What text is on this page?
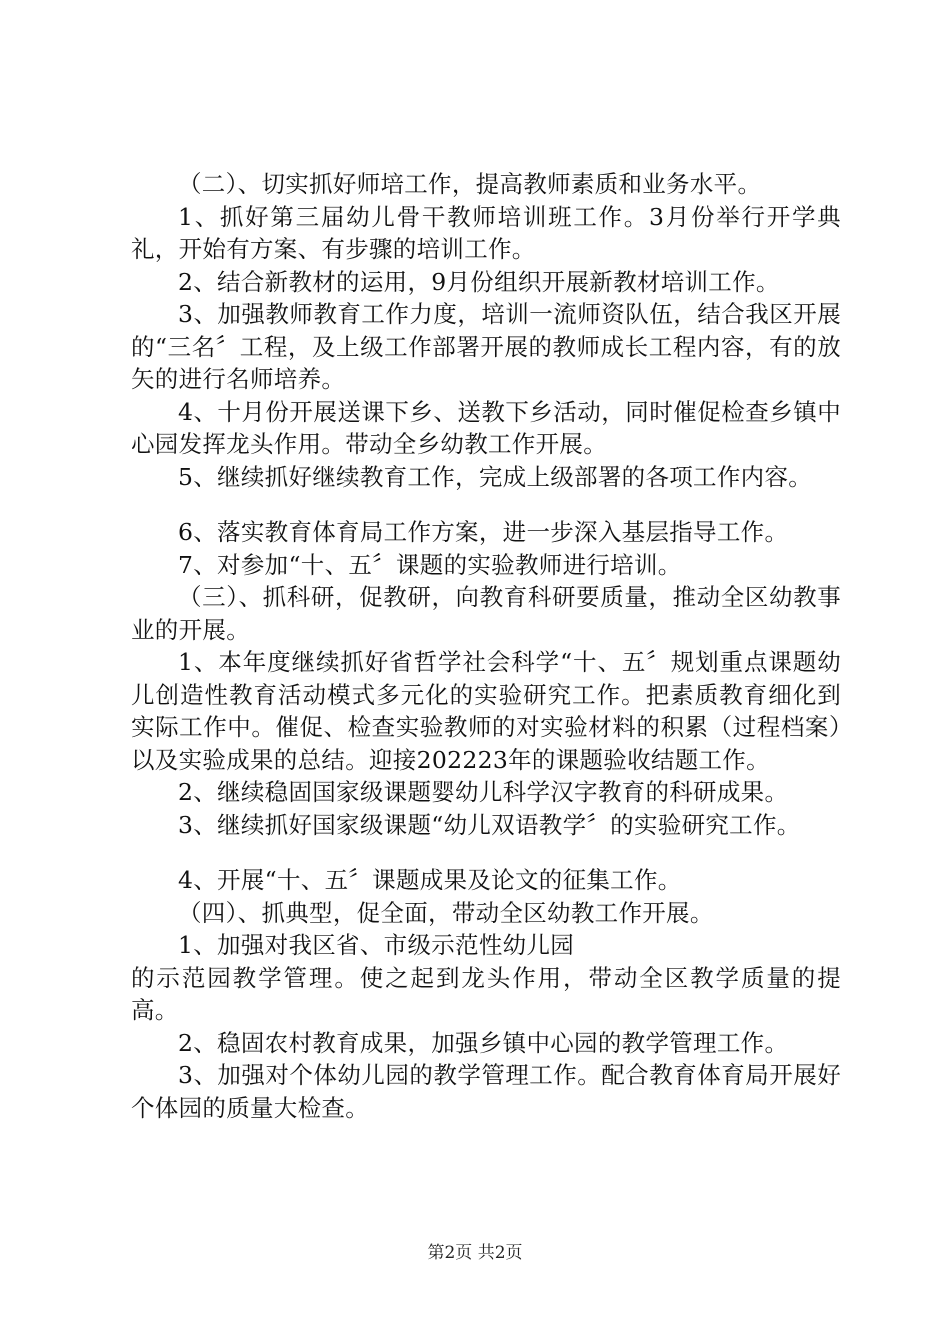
（二）、切实抓好师培工作，提高教师素质和业务水平。

1、抓好第三届幼儿骨干教师培训班工作。3月份举行开学典礼，开始有方案、有步骤的培训工作。

2、结合新教材的运用，9月份组织开展新教材培训工作。

3、加强教师教育工作力度，培训一流师资队伍，结合我区开展的“三名〞工程，及上级工作部署开展的教师成长工程内容，有的放矢的进行名师培养。

4、十月份开展送课下乡、送教下乡活动，同时催促检查乡镇中心园发挥龙头作用。带动全乡幼教工作开展。

5、继续抓好继续教育工作，完成上级部署的各项工作内容。

6、落实教育体育局工作方案，进一步深入基层指导工作。

7、对参加“十、五〞课题的实验教师进行培训。

（三）、抓科研，促教研，向教育科研要质量，推动全区幼教事业的开展。

1、本年度继续抓好省哲学社会科学“十、五〞规划重点课题幼儿创造性教育活动模式多元化的实验研究工作。把素质教育细化到实际工作中。催促、检查实验教师的对实验材料的积累（过程档案）以及实验成果的总结。迎接202223年的课题验收结题工作。

2、继续稳固国家级课题婴幼儿科学汉字教育的科研成果。

3、继续抓好国家级课题“幼儿双语教学〞的实验研究工作。

4、开展“十、五〞课题成果及论文的征集工作。

（四）、抓典型，促全面，带动全区幼教工作开展。

1、加强对我区省、市级示范性幼儿园

的示范园教学管理。使之起到龙头作用，带动全区教学质量的提高。

2、稳固农村教育成果，加强乡镇中心园的教学管理工作。

3、加强对个体幼儿园的教学管理工作。配合教育体育局开展好个体园的质量大检查。

第2页 共2页
